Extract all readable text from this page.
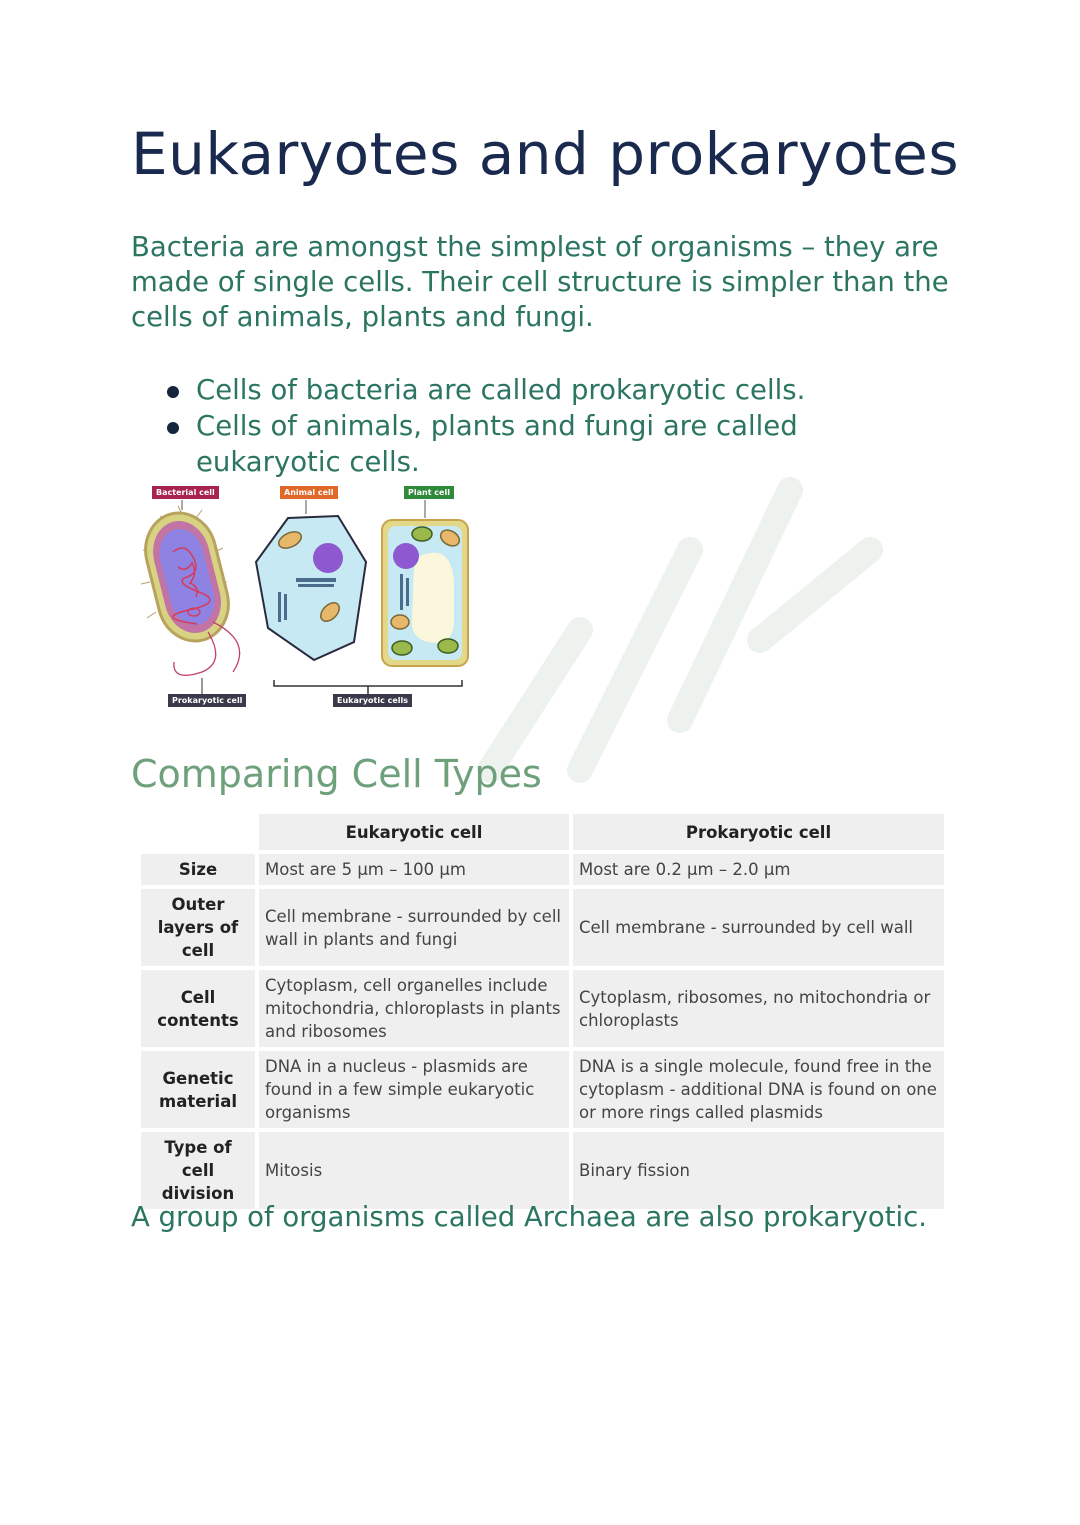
Eukaryotes and prokaryotes

Bacteria are amongst the simplest of organisms – they are made of single cells. Their cell structure is simpler than the cells of animals, plants and fungi.

Cells of bacteria are called prokaryotic cells.
Cells of animals, plants and fungi are called eukaryotic cells.
Bacterial cell	Animal cell	Plant cell
Prokaryotic cell	Eukaryotic cells
Comparing Cell Types
	Eukaryotic cell	Prokaryotic cell
Size	Most are 5 µm – 100 µm	Most are 0.2 µm – 2.0 µm
Outer layers of cell	Cell membrane - surrounded by cell wall in plants and fungi	Cell membrane - surrounded by cell wall
Cell contents	Cytoplasm, cell organelles include mitochondria, chloroplasts in plants and ribosomes	Cytoplasm, ribosomes, no mitochondria or chloroplasts
Genetic material	DNA in a nucleus - plasmids are found in a few simple eukaryotic organisms	DNA is a single molecule, found free in the cytoplasm - additional DNA is found on one or more rings called plasmids
Type of cell division	Mitosis	Binary fission

A group of organisms called Archaea are also prokaryotic.
